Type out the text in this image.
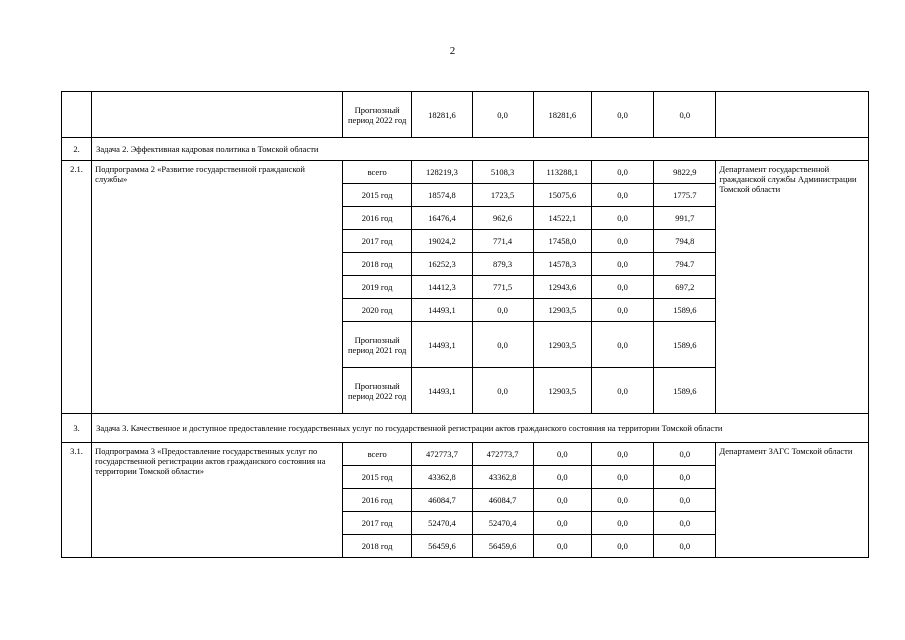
2
		Прогнозный период 2022 год	18281,6	0,0	18281,6	0,0	0,0	
2.	Задача 2. Эффективная кадровая политика в Томской области							
2.1.	Подпрограмма 2 «Развитие государственной гражданской службы»	всего	128219,3	5108,3	113288,1	0,0	9822,9	Департамент государственной гражданской службы Администрации Томской области
		2015 год	18574,8	1723,5	15075,6	0,0	1775.7	
		2016 год	16476,4	962,6	14522,1	0,0	991,7	
		2017 год	19024,2	771,4	17458,0	0,0	794,8	
		2018 год	16252,3	879,3	14578,3	0,0	794.7	
		2019 год	14412,3	771,5	12943,6	0,0	697,2	
		2020 год	14493,1	0,0	12903,5	0,0	1589,6	
		Прогнозный период 2021 год	14493,1	0,0	12903,5	0,0	1589,6	
		Прогнозный период 2022 год	14493,1	0,0	12903,5	0,0	1589,6	
3.	Задача 3. Качественное и доступное предоставление государственных услуг по государственной регистрации актов гражданского состояния на территории Томской области							
3.1.	Подпрограмма 3 «Предоставление государственных услуг по государственной регистрации актов гражданского состояния на территории Томской области»	всего	472773,7	472773,7	0,0	0,0	0,0	Департамент ЗАГС Томской области
		2015 год	43362,8	43362,8	0,0	0,0	0,0	
		2016 год	46084,7	46084,7	0,0	0,0	0,0	
		2017 год	52470,4	52470,4	0,0	0,0	0,0	
		2018 год	56459,6	56459,6	0,0	0,0	0,0	
